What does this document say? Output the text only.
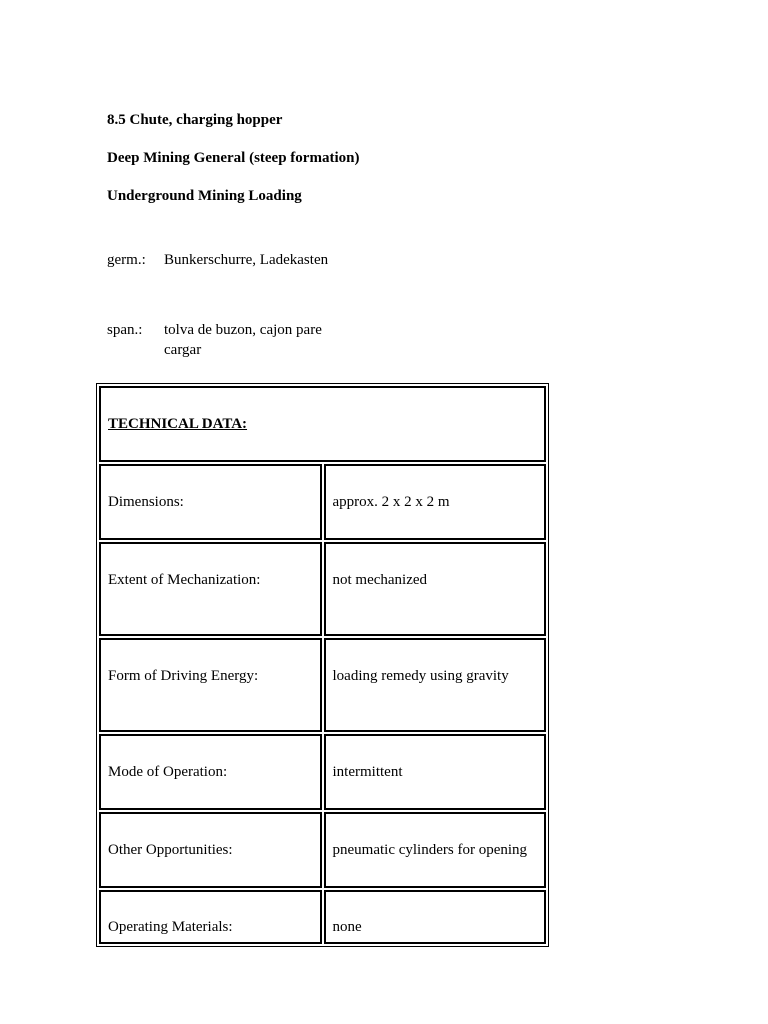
8.5 Chute, charging hopper

Deep Mining General (steep formation)

Underground Mining Loading

germ.: Bunkerschurre, Ladekasten
span.: tolva de buzon, cajon pare cargar
TECHNICAL DATA:	

Dimensions:	approx. 2 x 2 x 2 m

Extent of Mechanization:	not mechanized

Form of Driving Energy:	loading remedy using gravity

Mode of Operation:	intermittent

Other Opportunities:	pneumatic cylinders for opening

Operating Materials:	none
